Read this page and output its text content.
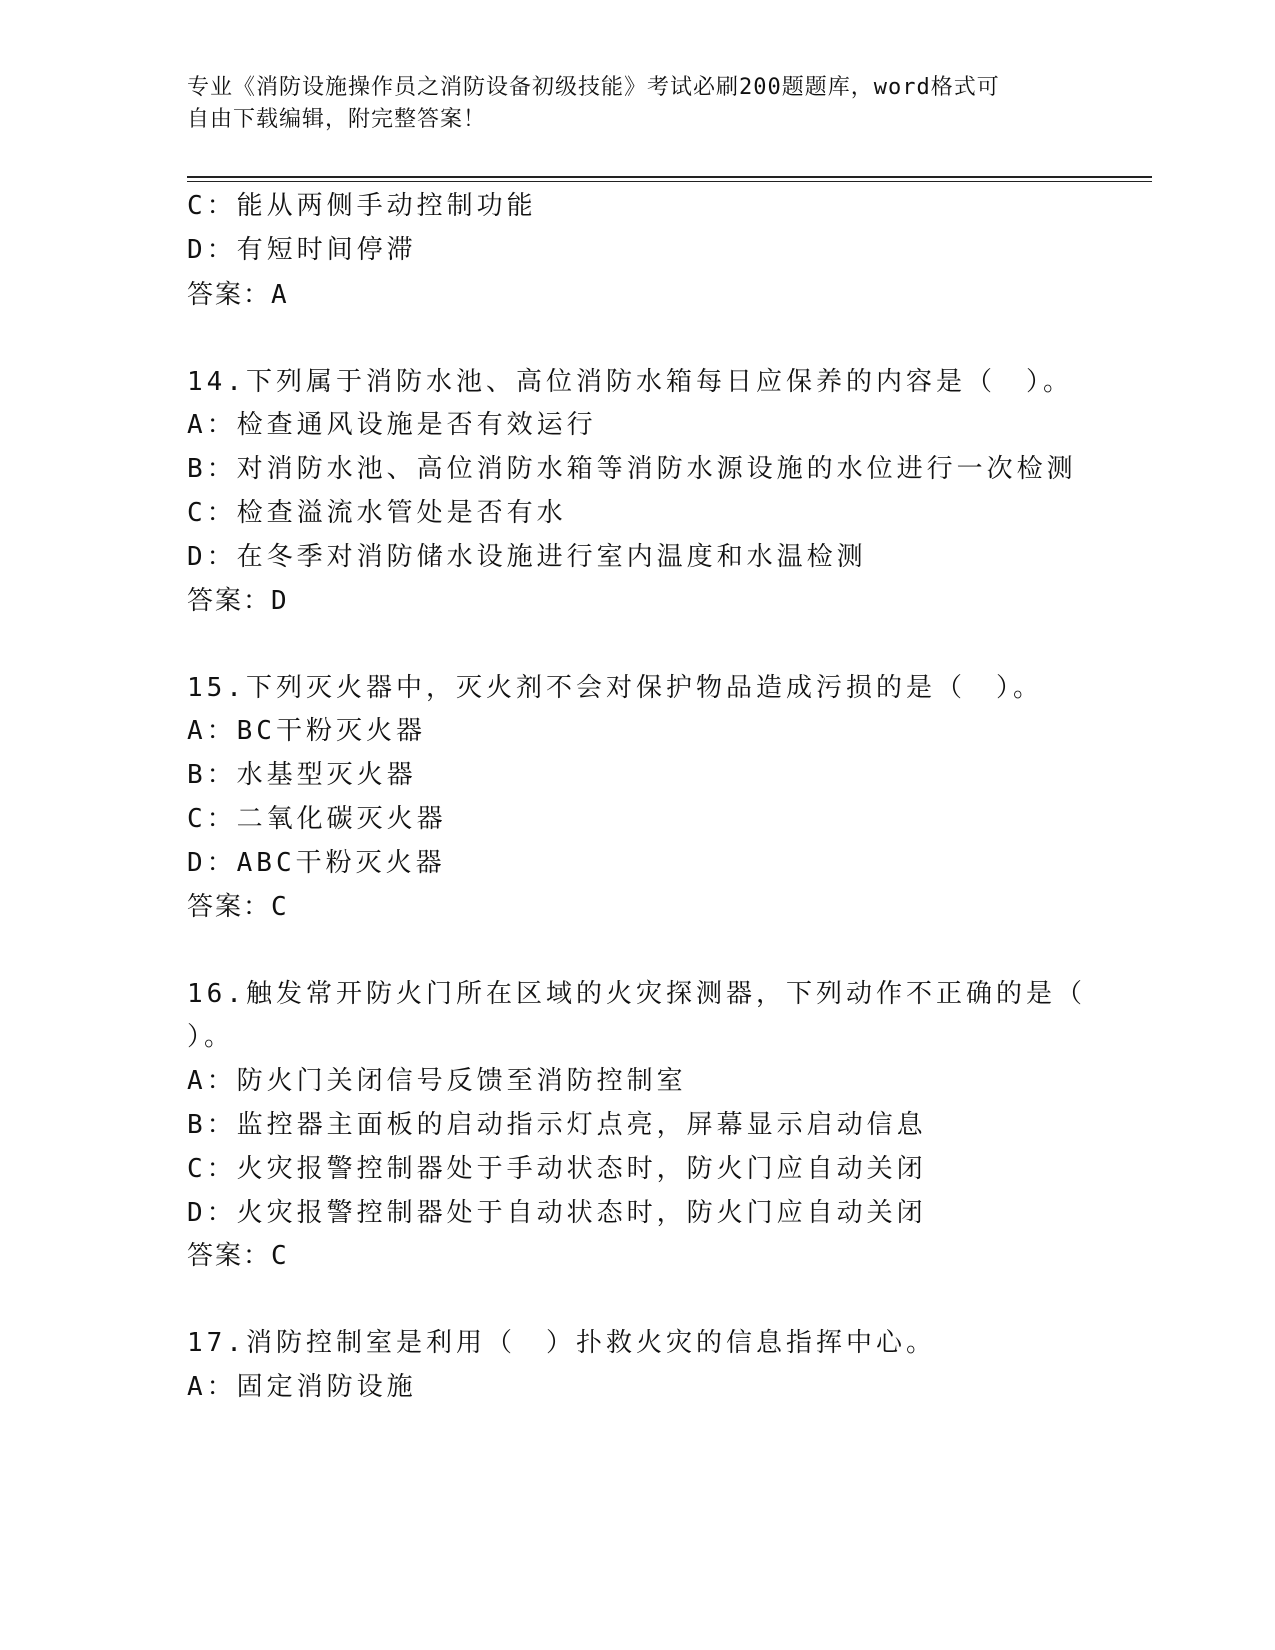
专业《消防设施操作员之消防设备初级技能》考试必刷200题题库，word格式可
自由下载编辑，附完整答案！
C：能从两侧手动控制功能
D：有短时间停滞
答案：A
14.下列属于消防水池、高位消防水箱每日应保养的内容是（　）。
A：检查通风设施是否有效运行
B：对消防水池、高位消防水箱等消防水源设施的水位进行一次检测
C：检查溢流水管处是否有水
D：在冬季对消防储水设施进行室内温度和水温检测
答案：D
15.下列灭火器中，灭火剂不会对保护物品造成污损的是（　）。
A：BC干粉灭火器
B：水基型灭火器
C：二氧化碳灭火器
D：ABC干粉灭火器
答案：C
16.触发常开防火门所在区域的火灾探测器，下列动作不正确的是（
）。
A：防火门关闭信号反馈至消防控制室
B：监控器主面板的启动指示灯点亮，屏幕显示启动信息
C：火灾报警控制器处于手动状态时，防火门应自动关闭
D：火灾报警控制器处于自动状态时，防火门应自动关闭
答案：C
17.消防控制室是利用（　）扑救火灾的信息指挥中心。
A：固定消防设施
